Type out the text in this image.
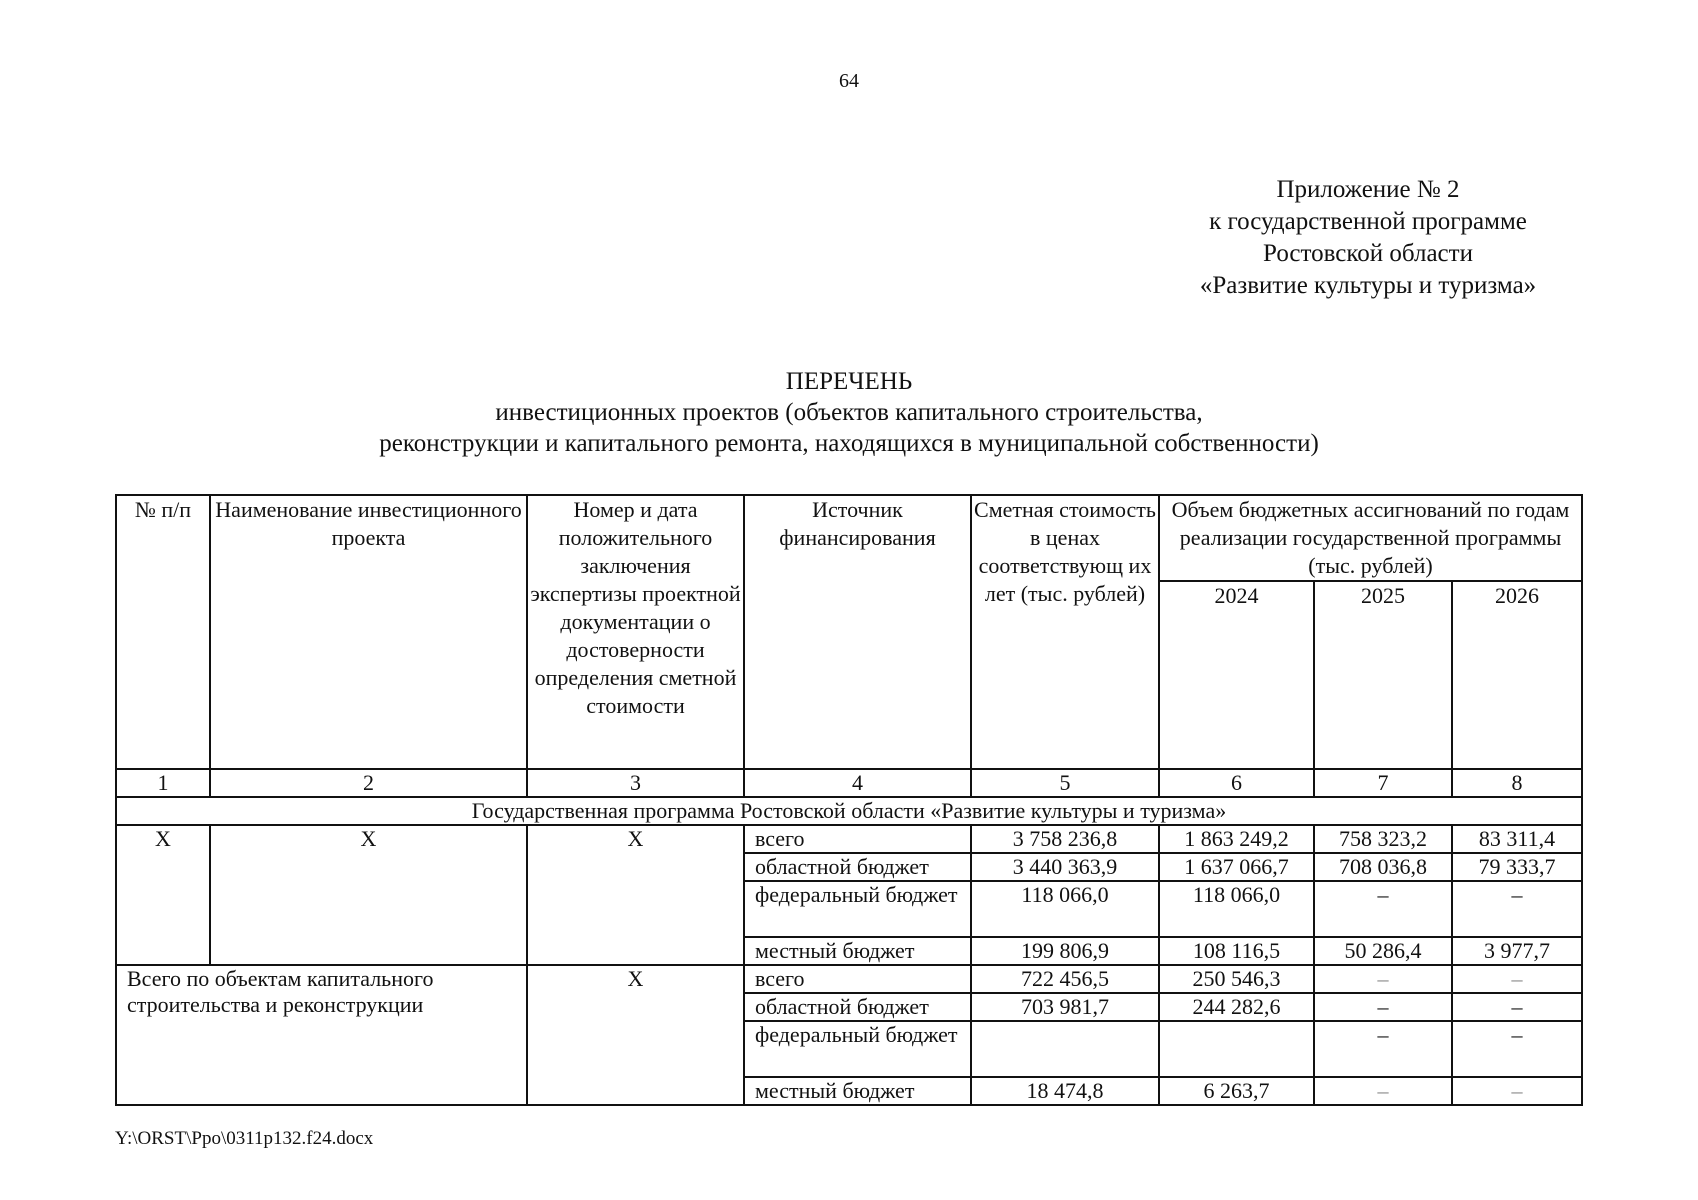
64
Приложение № 2
к государственной программе
Ростовской области
«Развитие культуры и туризма»
ПЕРЕЧЕНЬ
инвестиционных проектов (объектов капитального строительства,
реконструкции и капитального ремонта, находящихся в муниципальной собственности)
№ п/п	Наименование инвестиционного проекта	Номер и дата положительного заключения экспертизы проектной документации о достоверности определения сметной стоимости	Источник финансирования	Сметная стоимость в ценах соответствующ их лет (тыс. рублей)	Объем бюджетных ассигнований по годам реализации государственной программы (тыс. рублей)		
					2024	2025	2026
1	2	3	4	5	6	7	8
Государственная программа Ростовской области «Развитие культуры и туризма»							
Х	Х	Х	всего	3 758 236,8	1 863 249,2	758 323,2	83 311,4
			областной бюджет	3 440 363,9	1 637 066,7	708 036,8	79 333,7
			федеральный бюджет	118 066,0	118 066,0	–	–
			местный бюджет	199 806,9	108 116,5	50 286,4	3 977,7
Всего по объектам капитального строительства и реконструкции		Х	всего	722 456,5	250 546,3	–	–
			областной бюджет	703 981,7	244 282,6	–	–
			федеральный бюджет			–	–
			местный бюджет	18 474,8	6 263,7	–	–
Y:\ORST\Ppo\0311p132.f24.docx
